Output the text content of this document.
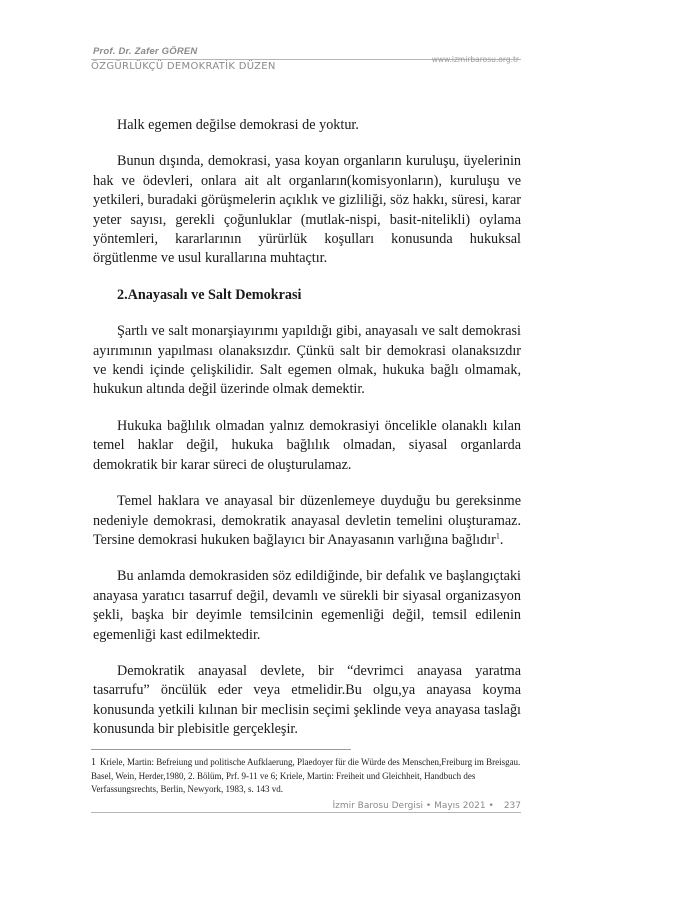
Prof. Dr. Zafer GÖREN
ÖZGÜRLÜKÇÜ DEMOKRATİK DÜZEN
www.izmirbarosu.org.tr

Halk egemen değilse demokrasi de yoktur.

Bunun dışında, demokrasi, yasa koyan organların kuruluşu, üyelerinin hak ve ödevleri, onlara ait alt organların(komisyonların), kuruluşu ve yetkileri, buradaki görüşmelerin açıklık ve gizliliği, söz hakkı, süresi, karar yeter sayısı, gerekli çoğunluklar (mutlak-nispi, basit-nitelikli) oylama yöntemleri, kararlarının yürürlük koşulları konusunda hukuksal örgütlenme ve usul kurallarına muhtaçtır.

2.Anayasalı ve Salt Demokrasi

Şartlı ve salt monarşiayırımı yapıldığı gibi, anayasalı ve salt demokrasi ayırımının yapılması olanaksızdır. Çünkü salt bir demokrasi olanaksızdır ve kendi içinde çelişkilidir. Salt egemen olmak, hukuka bağlı olmamak, hukukun altında değil üzerinde olmak demektir.

Hukuka bağlılık olmadan yalnız demokrasiyi öncelikle olanaklı kılan temel haklar değil, hukuka bağlılık olmadan, siyasal organlarda demokratik bir karar süreci de oluşturulamaz.

Temel haklara ve anayasal bir düzenlemeye duyduğu bu gereksinme nedeniyle demokrasi, demokratik anayasal devletin temelini oluşturamaz. Tersine demokrasi hukuken bağlayıcı bir Anayasanın varlığına bağlıdır$^1$.

Bu anlamda demokrasiden söz edildiğinde, bir defalık ve başlangıçtaki anayasa yaratıcı tasarruf değil, devamlı ve sürekli bir siyasal organizasyon şekli, başka bir deyimle temsilcinin egemenliği değil, temsil edilenin egemenliği kast edilmektedir.

Demokratik anayasal devlete, bir “devrimci anayasa yaratma tasarrufu” öncülük eder veya etmelidir.Bu olgu,ya anayasa koyma konusunda yetkili kılınan bir meclisin seçimi şeklinde veya anayasa taslağı konusunda bir plebisitle gerçekleşir.

1 Kriele, Martin: Befreiung und politische Aufklaerung, Plaedoyer für die Würde des Menschen,Freiburg im Breisgau. Basel, Wein, Herder,1980, 2. Bölüm, Prf. 9-11 ve 6; Kriele, Martin: Freiheit und Gleichheit, Handbuch des Verfassungsrechts, Berlin, Newyork, 1983, s. 143 vd.
İzmir Barosu Dergisi • Mayıs 2021 • 237
